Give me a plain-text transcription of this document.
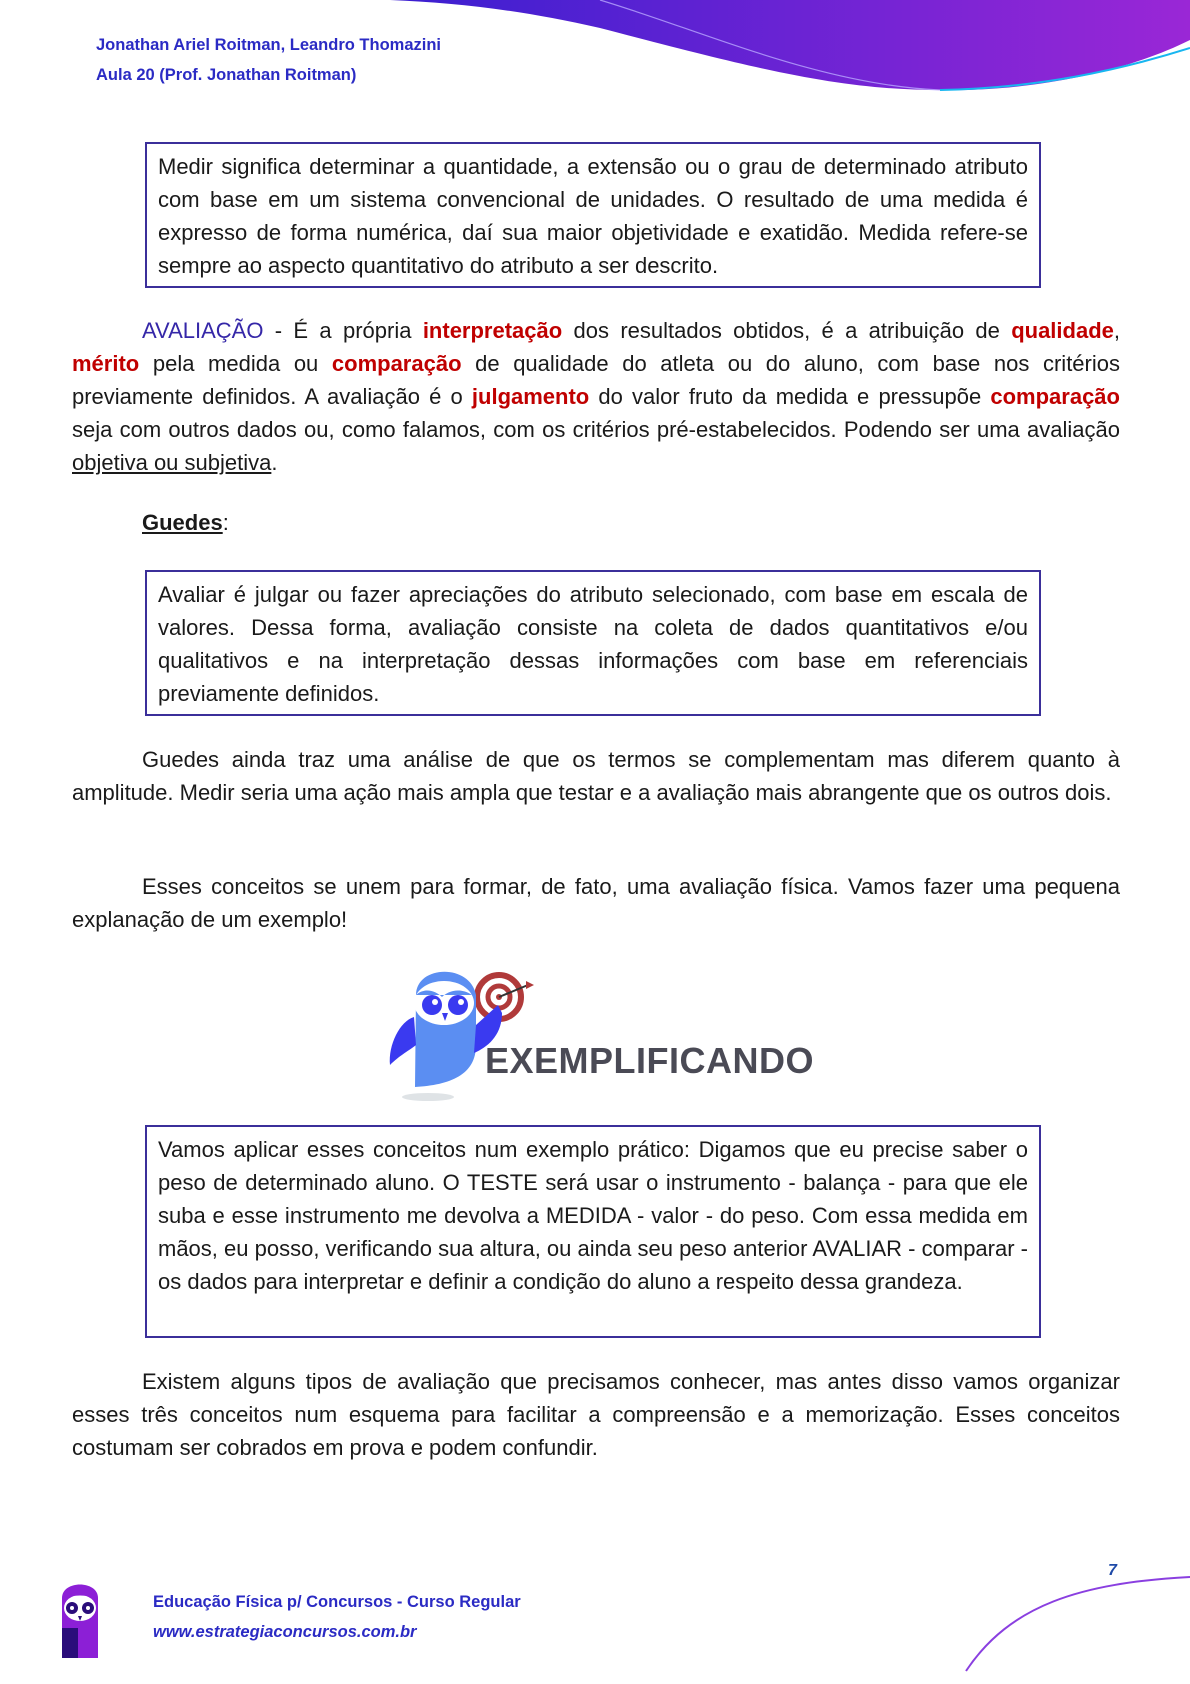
Jonathan Ariel Roitman, Leandro Thomazini
Aula 20 (Prof. Jonathan Roitman)
Medir significa determinar a quantidade, a extensão ou o grau de determinado atributo com base em um sistema convencional de unidades. O resultado de uma medida é expresso de forma numérica, daí sua maior objetividade e exatidão. Medida refere-se sempre ao aspecto quantitativo do atributo a ser descrito.
AVALIAÇÃO - É a própria interpretação dos resultados obtidos, é a atribuição de qualidade, mérito pela medida ou comparação de qualidade do atleta ou do aluno, com base nos critérios previamente definidos. A avaliação é o julgamento do valor fruto da medida e pressupõe comparação seja com outros dados ou, como falamos, com os critérios pré-estabelecidos. Podendo ser uma avaliação objetiva ou subjetiva.
Guedes:
Avaliar é julgar ou fazer apreciações do atributo selecionado, com base em escala de valores. Dessa forma, avaliação consiste na coleta de dados quantitativos e/ou qualitativos e na interpretação dessas informações com base em referenciais previamente definidos.
Guedes ainda traz uma análise de que os termos se complementam mas diferem quanto à amplitude. Medir seria uma ação mais ampla que testar e a avaliação mais abrangente que os outros dois.
Esses conceitos se unem para formar, de fato, uma avaliação física. Vamos fazer uma pequena explanação de um exemplo!
EXEMPLIFICANDO
Vamos aplicar esses conceitos num exemplo prático: Digamos que eu precise saber o peso de determinado aluno. O TESTE será usar o instrumento - balança - para que ele suba e esse instrumento me devolva a MEDIDA - valor - do peso. Com essa medida em mãos, eu posso, verificando sua altura, ou ainda seu peso anterior AVALIAR - comparar - os dados para interpretar e definir a condição do aluno a respeito dessa grandeza.
Existem alguns tipos de avaliação que precisamos conhecer, mas antes disso vamos organizar esses três conceitos num esquema para facilitar a compreensão e a memorização. Esses conceitos costumam ser cobrados em prova e podem confundir.
Educação Física p/ Concursos - Curso Regular
www.estrategiaconcursos.com.br
7
